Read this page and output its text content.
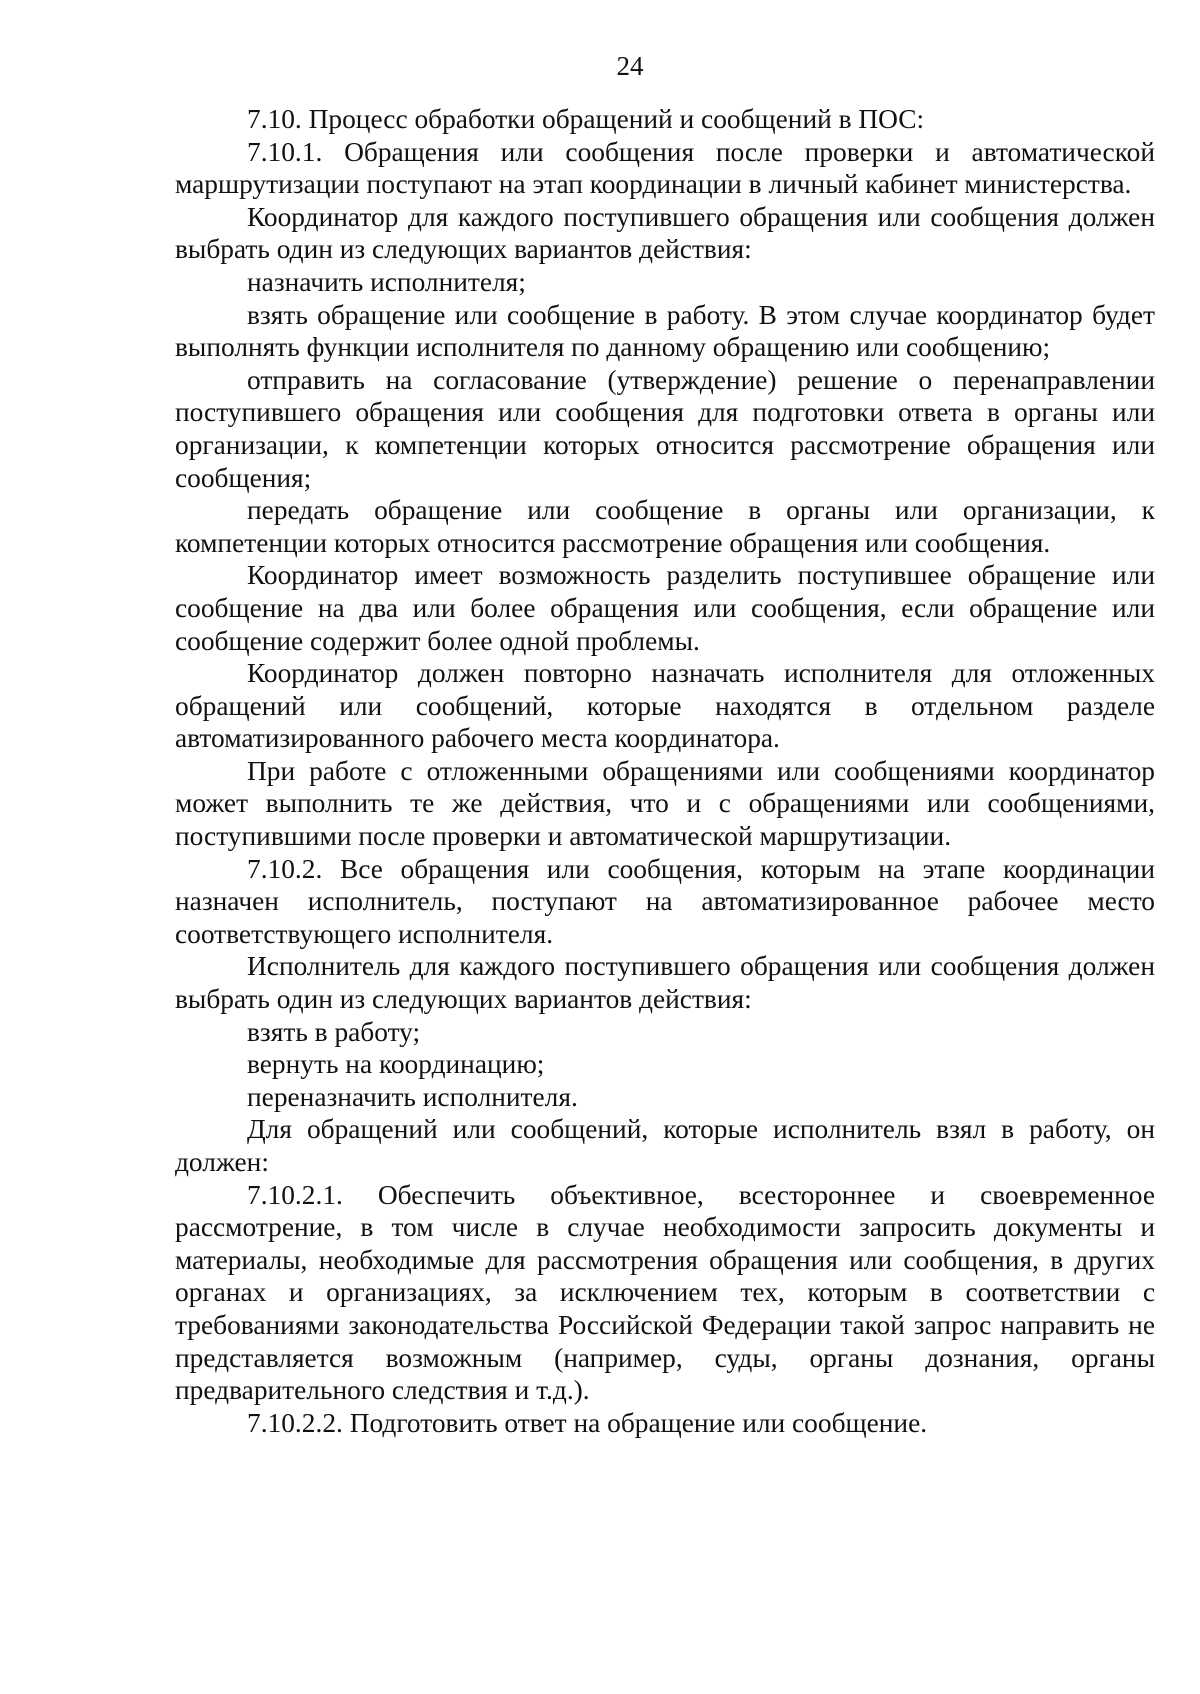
24

7.10. Процесс обработки обращений и сообщений в ПОС:

7.10.1. Обращения или сообщения после проверки и автоматической маршрутизации поступают на этап координации в личный кабинет министерства.

Координатор для каждого поступившего обращения или сообщения должен выбрать один из следующих вариантов действия:

назначить исполнителя;

взять обращение или сообщение в работу. В этом случае координатор будет выполнять функции исполнителя по данному обращению или сообщению;

отправить на согласование (утверждение) решение о перенаправлении поступившего обращения или сообщения для подготовки ответа в органы или организации, к компетенции которых относится рассмотрение обращения или сообщения;

передать обращение или сообщение в органы или организации, к компетенции которых относится рассмотрение обращения или сообщения.

Координатор имеет возможность разделить поступившее обращение или сообщение на два или более обращения или сообщения, если обращение или сообщение содержит более одной проблемы.

Координатор должен повторно назначать исполнителя для отложенных обращений или сообщений, которые находятся в отдельном разделе автоматизированного рабочего места координатора.

При работе с отложенными обращениями или сообщениями координатор может выполнить те же действия, что и с обращениями или сообщениями, поступившими после проверки и автоматической маршрутизации.

7.10.2. Все обращения или сообщения, которым на этапе координации назначен исполнитель, поступают на автоматизированное рабочее место соответствующего исполнителя.

Исполнитель для каждого поступившего обращения или сообщения должен выбрать один из следующих вариантов действия:

взять в работу;

вернуть на координацию;

переназначить исполнителя.

Для обращений или сообщений, которые исполнитель взял в работу, он должен:

7.10.2.1. Обеспечить объективное, всестороннее и своевременное рассмотрение, в том числе в случае необходимости запросить документы и материалы, необходимые для рассмотрения обращения или сообщения, в других органах и организациях, за исключением тех, которым в соответствии с требованиями законодательства Российской Федерации такой запрос направить не представляется возможным (например, суды, органы дознания, органы предварительного следствия и т.д.).

7.10.2.2. Подготовить ответ на обращение или сообщение.
